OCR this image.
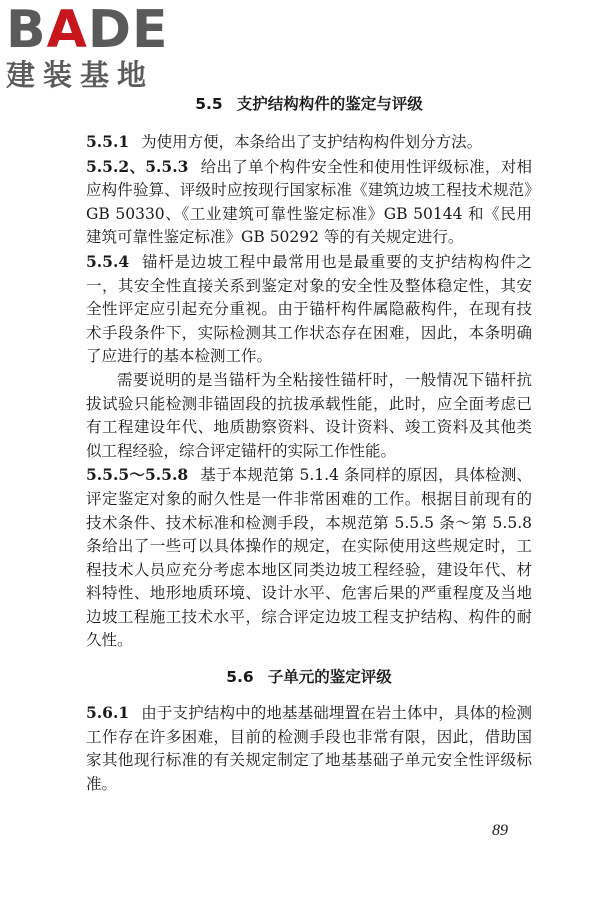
BADE
建装基地
5.5 支护结构构件的鉴定与评级

5.5.1 为使用方便，本条给出了支护结构构件划分方法。

5.5.2、5.5.3 给出了单个构件安全性和使用性评级标准，对相应构件验算、评级时应按现行国家标准《建筑边坡工程技术规范》GB 50330、《工业建筑可靠性鉴定标准》GB 50144 和《民用建筑可靠性鉴定标准》GB 50292 等的有关规定进行。

5.5.4 锚杆是边坡工程中最常用也是最重要的支护结构构件之一，其安全性直接关系到鉴定对象的安全性及整体稳定性，其安全性评定应引起充分重视。由于锚杆构件属隐蔽构件，在现有技术手段条件下，实际检测其工作状态存在困难，因此，本条明确了应进行的基本检测工作。

需要说明的是当锚杆为全粘接性锚杆时，一般情况下锚杆抗拔试验只能检测非锚固段的抗拔承载性能，此时，应全面考虑已有工程建设年代、地质勘察资料、设计资料、竣工资料及其他类似工程经验，综合评定锚杆的实际工作性能。

5.5.5～5.5.8 基于本规范第 5.1.4 条同样的原因，具体检测、评定鉴定对象的耐久性是一件非常困难的工作。根据目前现有的技术条件、技术标准和检测手段，本规范第 5.5.5 条～第 5.5.8 条给出了一些可以具体操作的规定，在实际使用这些规定时，工程技术人员应充分考虑本地区同类边坡工程经验，建设年代、材料特性、地形地质环境、设计水平、危害后果的严重程度及当地边坡工程施工技术水平，综合评定边坡工程支护结构、构件的耐久性。

5.6 子单元的鉴定评级

5.6.1 由于支护结构中的地基基础埋置在岩土体中，具体的检测工作存在许多困难，目前的检测手段也非常有限，因此，借助国家其他现行标准的有关规定制定了地基基础子单元安全性评级标准。

89
